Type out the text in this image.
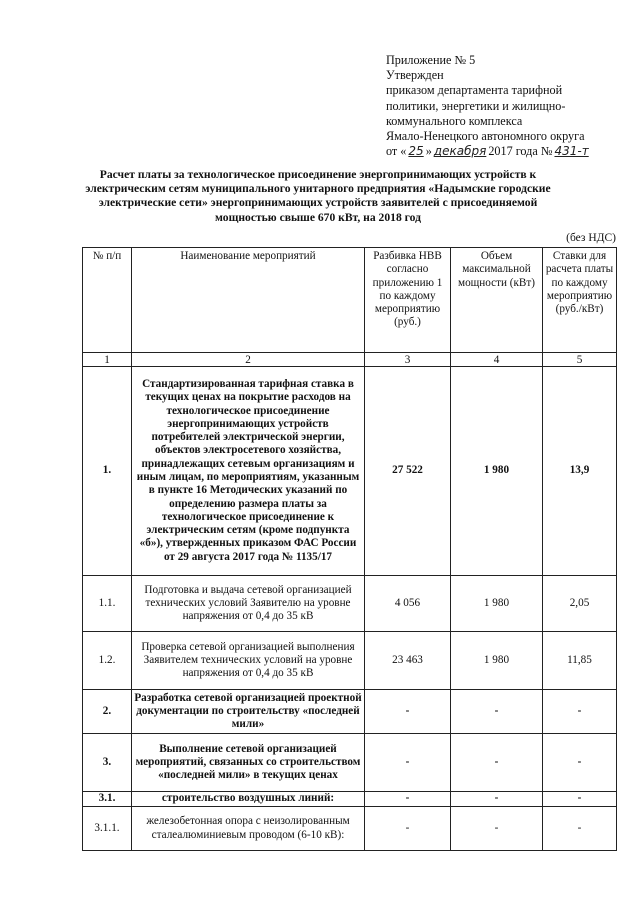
Приложение № 5
Утвержден
приказом департамента тарифной
политики, энергетики и жилищно-
коммунального комплекса
Ямало-Ненецкого автономного округа
от « 25 » декабря 2017 года № 431-т
Расчет платы за технологическое присоединение энергопринимающих устройств к электрическим сетям муниципального унитарного предприятия «Надымские городские электрические сети» энергопринимающих устройств заявителей с присоединяемой мощностью свыше 670 кВт, на 2018 год
(без НДС)
№ п/п	Наименование мероприятий	Разбивка НВВ согласно приложению 1 по каждому мероприятию (руб.)	Объем максимальной мощности (кВт)	Ставки для расчета платы по каждому мероприятию (руб./кВт)
1	2	3	4	5
1.	Стандартизированная тарифная ставка в текущих ценах на покрытие расходов на технологическое присоединение энергопринимающих устройств потребителей электрической энергии, объектов электросетевого хозяйства, принадлежащих сетевым организациям и иным лицам, по мероприятиям, указанным в пункте 16 Методических указаний по определению размера платы за технологическое присоединение к электрическим сетям (кроме подпункта «б»), утвержденных приказом ФАС России от 29 августа 2017 года № 1135/17	27 522	1 980	13,9
1.1.	Подготовка и выдача сетевой организацией технических условий Заявителю на уровне напряжения от 0,4 до 35 кВ	4 056	1 980	2,05
1.2.	Проверка сетевой организацией выполнения Заявителем технических условий на уровне напряжения от 0,4 до 35 кВ	23 463	1 980	11,85
2.	Разработка сетевой организацией проектной документации по строительству «последней мили»	-	-	-
3.	Выполнение сетевой организацией мероприятий, связанных со строительством «последней мили» в текущих ценах	-	-	-
3.1.	строительство воздушных линий:	-	-	-
3.1.1.	железобетонная опора с неизолированным сталеалюминиевым проводом (6-10 кВ):	-	-	-
